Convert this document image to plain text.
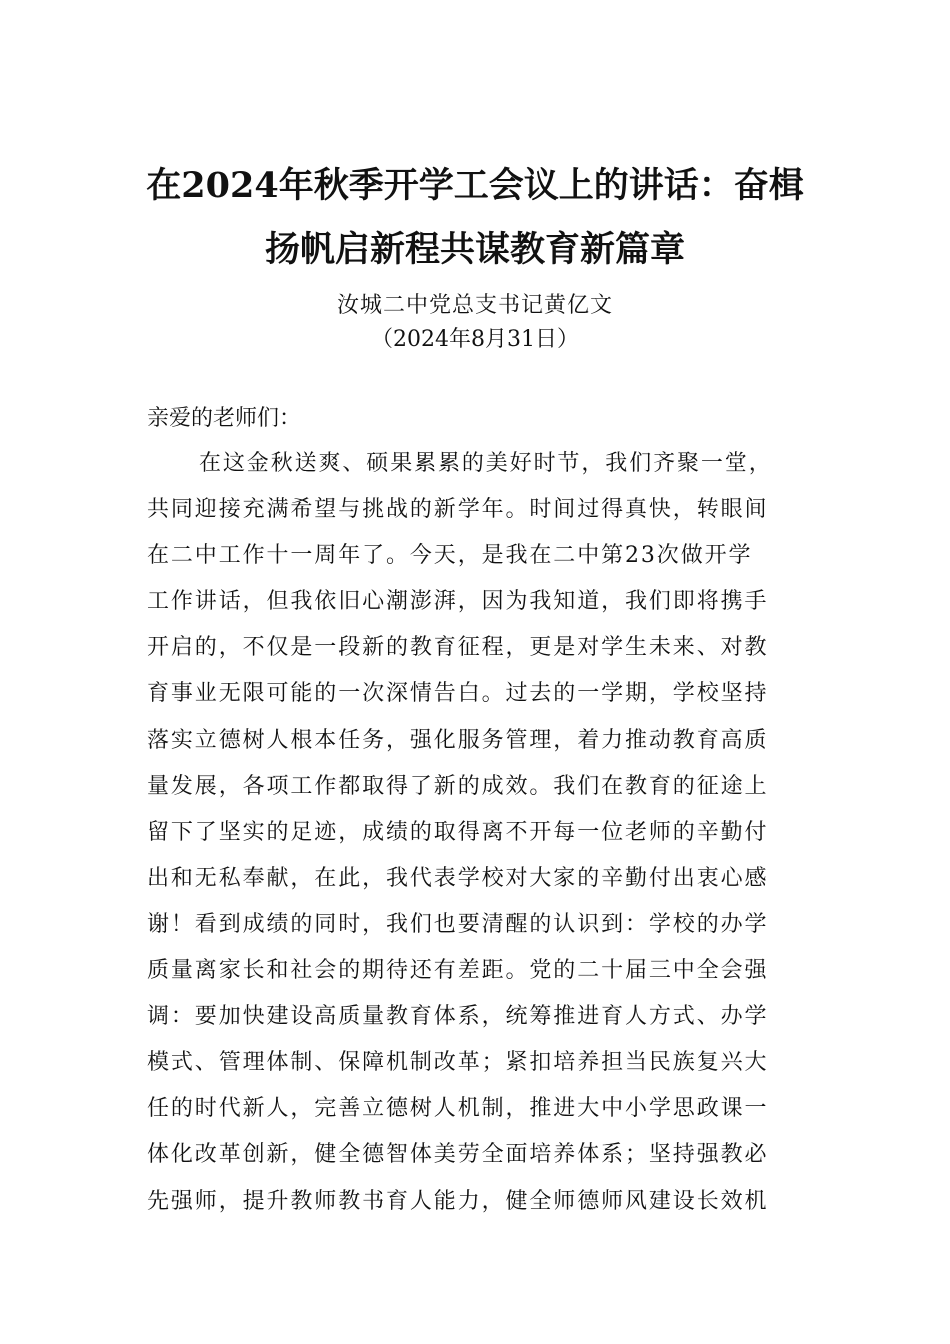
在2024年秋季开学工会议上的讲话：奋楫
扬帆启新程共谋教育新篇章
汝城二中党总支书记黄亿文
（2024年8月31日）
亲爱的老师们：
在这金秋送爽、硕果累累的美好时节，我们齐聚一堂，
共同迎接充满希望与挑战的新学年。时间过得真快，转眼间
在二中工作十一周年了。今天，是我在二中第23次做开学
工作讲话，但我依旧心潮澎湃，因为我知道，我们即将携手
开启的，不仅是一段新的教育征程，更是对学生未来、对教
育事业无限可能的一次深情告白。过去的一学期，学校坚持
落实立德树人根本任务，强化服务管理，着力推动教育高质
量发展，各项工作都取得了新的成效。我们在教育的征途上
留下了坚实的足迹，成绩的取得离不开每一位老师的辛勤付
出和无私奉献，在此，我代表学校对大家的辛勤付出衷心感
谢！看到成绩的同时，我们也要清醒的认识到：学校的办学
质量离家长和社会的期待还有差距。党的二十届三中全会强
调：要加快建设高质量教育体系，统筹推进育人方式、办学
模式、管理体制、保障机制改革；紧扣培养担当民族复兴大
任的时代新人，完善立德树人机制，推进大中小学思政课一
体化改革创新，健全德智体美劳全面培养体系；坚持强教必
先强师，提升教师教书育人能力，健全师德师风建设长效机
